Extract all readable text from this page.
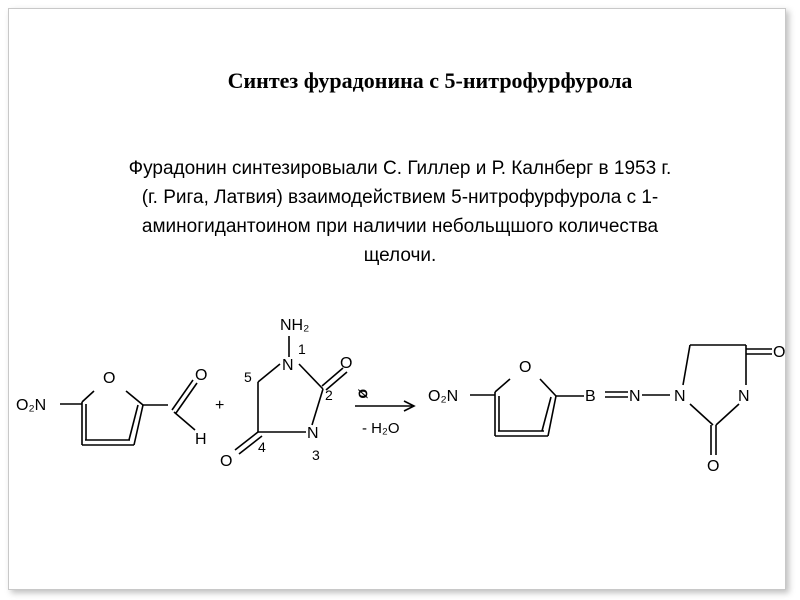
Синтез фурадонина с 5-нитрофурфурола
Фурадонин синтезировыали С. Гиллер и Р. Калнберг в 1953 г.
(г. Рига, Латвия) взаимодействием 5-нитрофурфурола с 1-
аминогидантоином при наличии небольщшого количества
щелочи.
O₂N
O	O
H
+
NH₂
1
N
5
O
2
N
3
4
O
ᴓ
- H₂O
O₂N
O
B N N	N
O
O
